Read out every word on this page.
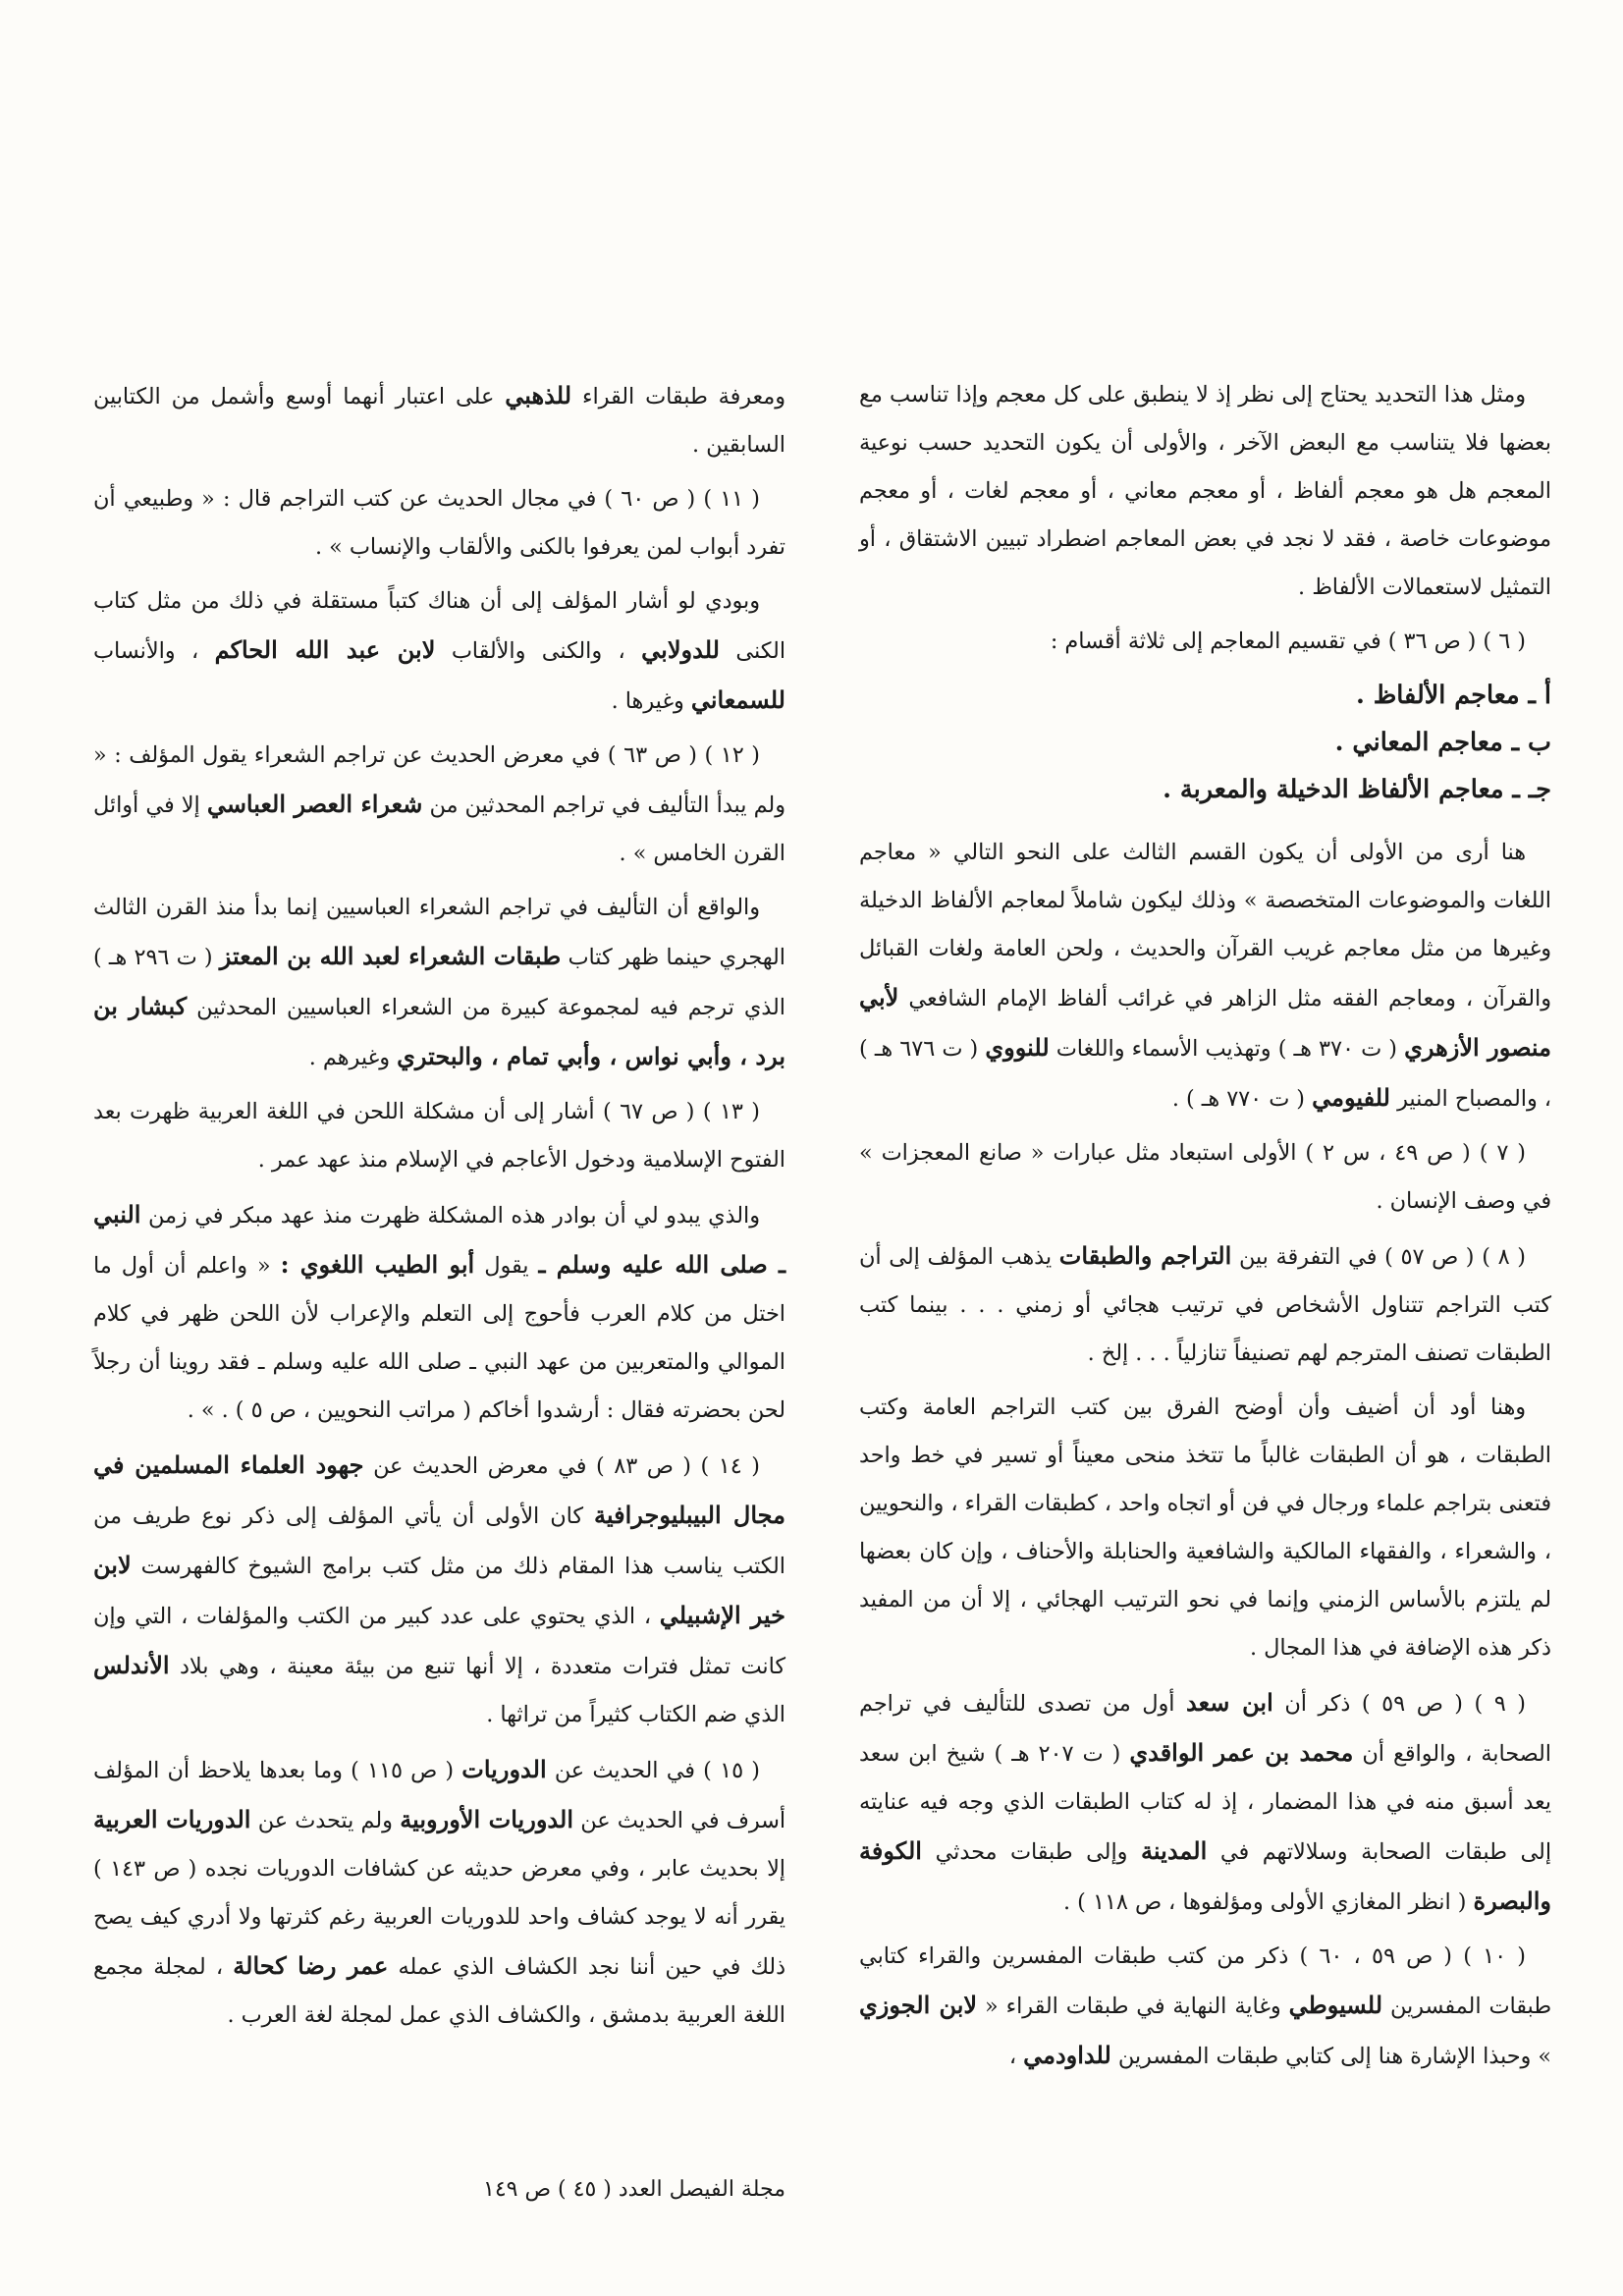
ومثل هذا التحديد يحتاج إلى نظر إذ لا ينطبق على كل معجم وإذا تناسب مع بعضها فلا يتناسب مع البعض الآخر ، والأولى أن يكون التحديد حسب نوعية المعجم هل هو معجم ألفاظ ، أو معجم معاني ، أو معجم لغات ، أو معجم موضوعات خاصة ، فقد لا نجد في بعض المعاجم اضطراد تبيين الاشتقاق ، أو التمثيل لاستعمالات الألفاظ .

( ٦ ) ( ص ٣٦ ) في تقسيم المعاجم إلى ثلاثة أقسام :

أ ـ معاجم الألفاظ .
ب ـ معاجم المعاني .
جـ ـ معاجم الألفاظ الدخيلة والمعربة .

هنا أرى من الأولى أن يكون القسم الثالث على النحو التالي « معاجم اللغات والموضوعات المتخصصة » وذلك ليكون شاملاً لمعاجم الألفاظ الدخيلة وغيرها من مثل معاجم غريب القرآن والحديث ، ولحن العامة ولغات القبائل والقرآن ، ومعاجم الفقه مثل الزاهر في غرائب ألفاظ الإمام الشافعي لأبي منصور الأزهري ( ت ٣٧٠ هـ ) وتهذيب الأسماء واللغات للنووي ( ت ٦٧٦ هـ ) ، والمصباح المنير للفيومي ( ت ٧٧٠ هـ ) .

( ٧ ) ( ص ٤٩ ، س ٢ ) الأولى استبعاد مثل عبارات « صانع المعجزات » في وصف الإنسان .

( ٨ ) ( ص ٥٧ ) في التفرقة بين التراجم والطبقات يذهب المؤلف إلى أن كتب التراجم تتناول الأشخاص في ترتيب هجائي أو زمني . . . بينما كتب الطبقات تصنف المترجم لهم تصنيفاً تنازلياً . . . إلخ .

وهنا أود أن أضيف وأن أوضح الفرق بين كتب التراجم العامة وكتب الطبقات ، هو أن الطبقات غالباً ما تتخذ منحى معيناً أو تسير في خط واحد فتعنى بتراجم علماء ورجال في فن أو اتجاه واحد ، كطبقات القراء ، والنحويين ، والشعراء ، والفقهاء المالكية والشافعية والحنابلة والأحناف ، وإن كان بعضها لم يلتزم بالأساس الزمني وإنما في نحو الترتيب الهجائي ، إلا أن من المفيد ذكر هذه الإضافة في هذا المجال .

( ٩ ) ( ص ٥٩ ) ذكر أن ابن سعد أول من تصدى للتأليف في تراجم الصحابة ، والواقع أن محمد بن عمر الواقدي ( ت ٢٠٧ هـ ) شيخ ابن سعد يعد أسبق منه في هذا المضمار ، إذ له كتاب الطبقات الذي وجه فيه عنايته إلى طبقات الصحابة وسلالاتهم في المدينة وإلى طبقات محدثي الكوفة والبصرة ( انظر المغازي الأولى ومؤلفوها ، ص ١١٨ ) .

( ١٠ ) ( ص ٥٩ ، ٦٠ ) ذكر من كتب طبقات المفسرين والقراء كتابي طبقات المفسرين للسيوطي وغاية النهاية في طبقات القراء « لابن الجوزي » وحبذا الإشارة هنا إلى كتابي طبقات المفسرين للداودمي ،

ومعرفة طبقات القراء للذهبي على اعتبار أنهما أوسع وأشمل من الكتابين السابقين .

( ١١ ) ( ص ٦٠ ) في مجال الحديث عن كتب التراجم قال : « وطبيعي أن تفرد أبواب لمن يعرفوا بالكنى والألقاب والإنساب » .

وبودي لو أشار المؤلف إلى أن هناك كتباً مستقلة في ذلك من مثل كتاب الكنى للدولابي ، والكنى والألقاب لابن عبد الله الحاكم ، والأنساب للسمعاني وغيرها .

( ١٢ ) ( ص ٦٣ ) في معرض الحديث عن تراجم الشعراء يقول المؤلف : « ولم يبدأ التأليف في تراجم المحدثين من شعراء العصر العباسي إلا في أوائل القرن الخامس » .

والواقع أن التأليف في تراجم الشعراء العباسيين إنما بدأ منذ القرن الثالث الهجري حينما ظهر كتاب طبقات الشعراء لعبد الله بن المعتز ( ت ٢٩٦ هـ ) الذي ترجم فيه لمجموعة كبيرة من الشعراء العباسيين المحدثين كبشار بن برد ، وأبي نواس ، وأبي تمام ، والبحتري وغيرهم .

( ١٣ ) ( ص ٦٧ ) أشار إلى أن مشكلة اللحن في اللغة العربية ظهرت بعد الفتوح الإسلامية ودخول الأعاجم في الإسلام منذ عهد عمر .

والذي يبدو لي أن بوادر هذه المشكلة ظهرت منذ عهد مبكر في زمن النبي ـ صلى الله عليه وسلم ـ يقول أبو الطيب اللغوي : « واعلم أن أول ما اختل من كلام العرب فأحوج إلى التعلم والإعراب لأن اللحن ظهر في كلام الموالي والمتعربين من عهد النبي ـ صلى الله عليه وسلم ـ فقد روينا أن رجلاً لحن بحضرته فقال : أرشدوا أخاكم ( مراتب النحويين ، ص ٥ ) . » .

( ١٤ ) ( ص ٨٣ ) في معرض الحديث عن جهود العلماء المسلمين في مجال البيبليوجرافية كان الأولى أن يأتي المؤلف إلى ذكر نوع طريف من الكتب يناسب هذا المقام ذلك من مثل كتب برامج الشيوخ كالفهرست لابن خير الإشبيلي ، الذي يحتوي على عدد كبير من الكتب والمؤلفات ، التي وإن كانت تمثل فترات متعددة ، إلا أنها تنبع من بيئة معينة ، وهي بلاد الأندلس الذي ضم الكتاب كثيراً من تراثها .

( ١٥ ) في الحديث عن الدوريات ( ص ١١٥ ) وما بعدها يلاحظ أن المؤلف أسرف في الحديث عن الدوريات الأوروبية ولم يتحدث عن الدوريات العربية إلا بحديث عابر ، وفي معرض حديثه عن كشافات الدوريات نجده ( ص ١٤٣ ) يقرر أنه لا يوجد كشاف واحد للدوريات العربية رغم كثرتها ولا أدري كيف يصح ذلك في حين أننا نجد الكشاف الذي عمله عمر رضا كحالة ، لمجلة مجمع اللغة العربية بدمشق ، والكشاف الذي عمل لمجلة لغة العرب .

مجلة الفيصل العدد ( ٤٥ ) ص ١٤٩
